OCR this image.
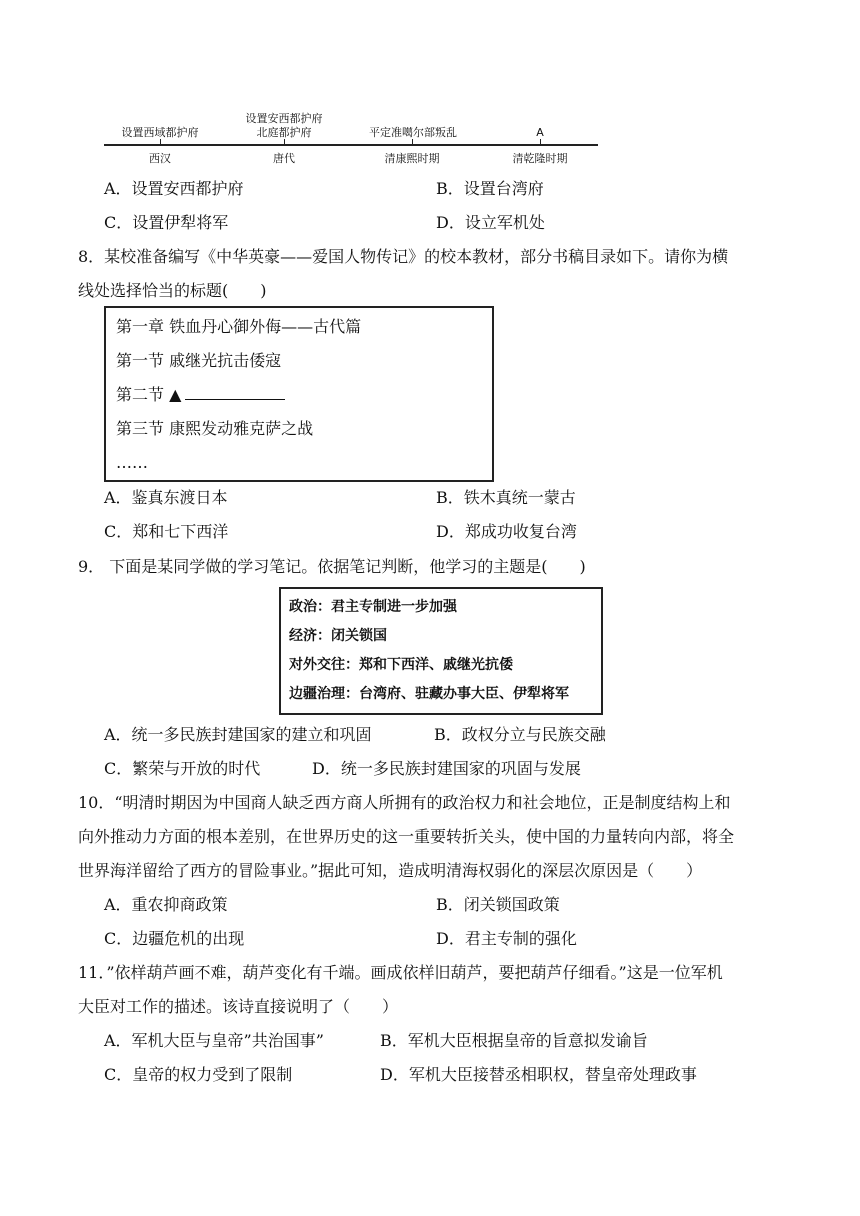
设置西域都护府
设置安西都护府
北庭都护府	平定准噶尔部叛乱	A
西汉	唐代	清康熙时期	清乾隆时期
A．设置安西都护府	B．设置台湾府
C．设置伊犁将军	D．设立军机处
8．某校准备编写《中华英豪——爱国人物传记》的校本教材，部分书稿目录如下。请你为横
线处选择恰当的标题(　　)
第一章 铁血丹心御外侮——古代篇
第一节 戚继光抗击倭寇
第二节 ▲
第三节 康熙发动雅克萨之战
……
A．鉴真东渡日本	B．铁木真统一蒙古
C．郑和七下西洋	D．郑成功收复台湾
9． 下面是某同学做的学习笔记。依据笔记判断，他学习的主题是(　　)
政治：君主专制进一步加强
经济：闭关锁国
对外交往：郑和下西洋、戚继光抗倭
边疆治理：台湾府、驻藏办事大臣、伊犁将军
A．统一多民族封建国家的建立和巩固	B．政权分立与民族交融
C．繁荣与开放的时代	D．统一多民族封建国家的巩固与发展
10．“明清时期因为中国商人缺乏西方商人所拥有的政治权力和社会地位，正是制度结构上和
向外推动力方面的根本差别，在世界历史的这一重要转折关头，使中国的力量转向内部，将全
世界海洋留给了西方的冒险事业。”据此可知，造成明清海权弱化的深层次原因是（　　）
A．重农抑商政策	B．闭关锁国政策
C．边疆危机的出现	D．君主专制的强化
11．”依样葫芦画不难，葫芦变化有千端。画成依样旧葫芦，要把葫芦仔细看。”这是一位军机
大臣对工作的描述。该诗直接说明了（　　）
A．军机大臣与皇帝”共治国事”	B．军机大臣根据皇帝的旨意拟发谕旨
C．皇帝的权力受到了限制	D．军机大臣接替丞相职权，替皇帝处理政事
